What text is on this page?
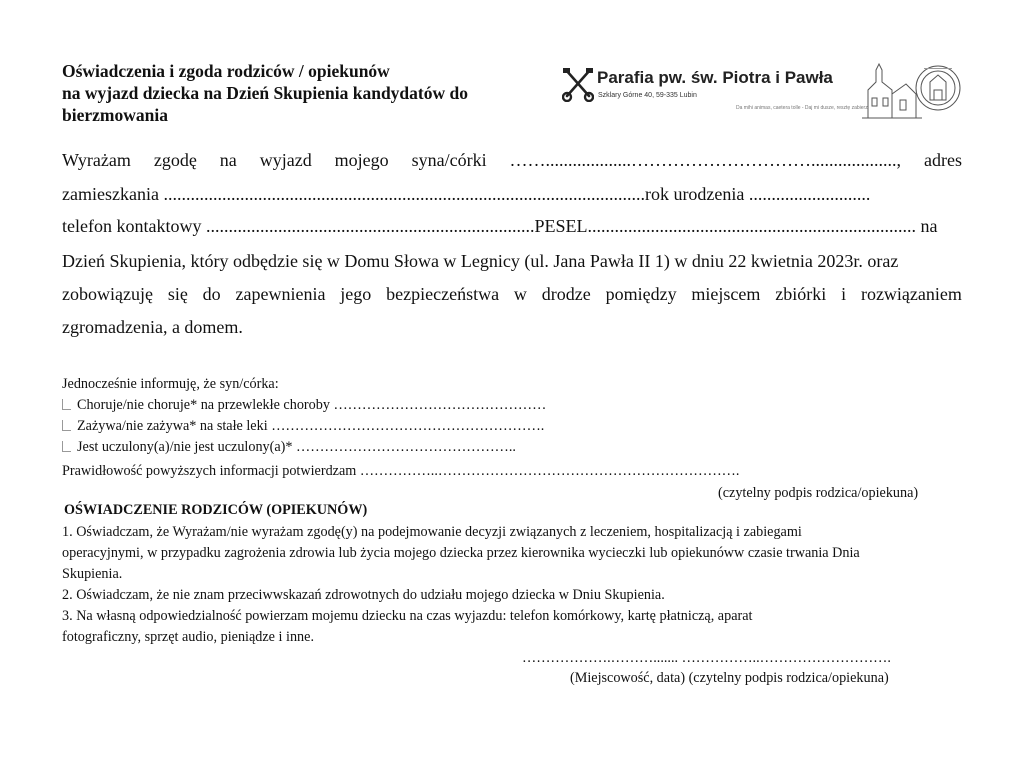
Oświadczenia i zgoda rodziców / opiekunów
na wyjazd dziecka na Dzień Skupienia kandydatów do
bierzmowania
Parafia pw. św. Piotra i Pawła
Szklary Górne 40, 59-335 Lubin
Da mihi animas, caetera tolle - Daj mi dusze, resztę zabierz
Wyrażam zgodę na wyjazd mojego syna/córki ……...................…………………………..................., adres
zamieszkania ...........................................................................................................rok urodzenia ...........................
telefon kontaktowy .........................................................................PESEL......................................................................... na
Dzień Skupienia, który odbędzie się w Domu Słowa w Legnicy (ul. Jana Pawła II 1) w dniu 22 kwietnia 2023r. oraz
zobowiązuję się do zapewnienia jego bezpieczeństwa w drodze pomiędzy miejscem zbiórki i rozwiązaniem
zgromadzenia, a domem.
Jednocześnie informuję, że syn/córka:
Choruje/nie choruje* na przewlekłe choroby ………………………………………
Zażywa/nie zażywa* na stałe leki ………………………………………………….
Jest uczulony(a)/nie jest uczulony(a)* ………………………………………..
Prawidłowość powyższych informacji potwierdzam ……………..……………………………………………………….
(czytelny podpis rodzica/opiekuna)
OŚWIADCZENIE RODZICÓW (OPIEKUNÓW)
1. Oświadczam, że Wyrażam/nie wyrażam zgodę(y) na podejmowanie decyzji związanych z leczeniem, hospitalizacją i zabiegami
operacyjnymi, w przypadku zagrożenia zdrowia lub życia mojego dziecka przez kierownika wycieczki lub opiekunóww czasie trwania Dnia
Skupienia.
2. Oświadczam, że nie znam przeciwwskazań zdrowotnych do udziału mojego dziecka w Dniu Skupienia.
3. Na własną odpowiedzialność powierzam mojemu dziecku na czas wyjazdu: telefon komórkowy, kartę płatniczą, aparat
fotograficzny, sprzęt audio, pieniądze i inne.
……………….………....... ……………..……………………….
(Miejscowość, data) (czytelny podpis rodzica/opiekuna)
